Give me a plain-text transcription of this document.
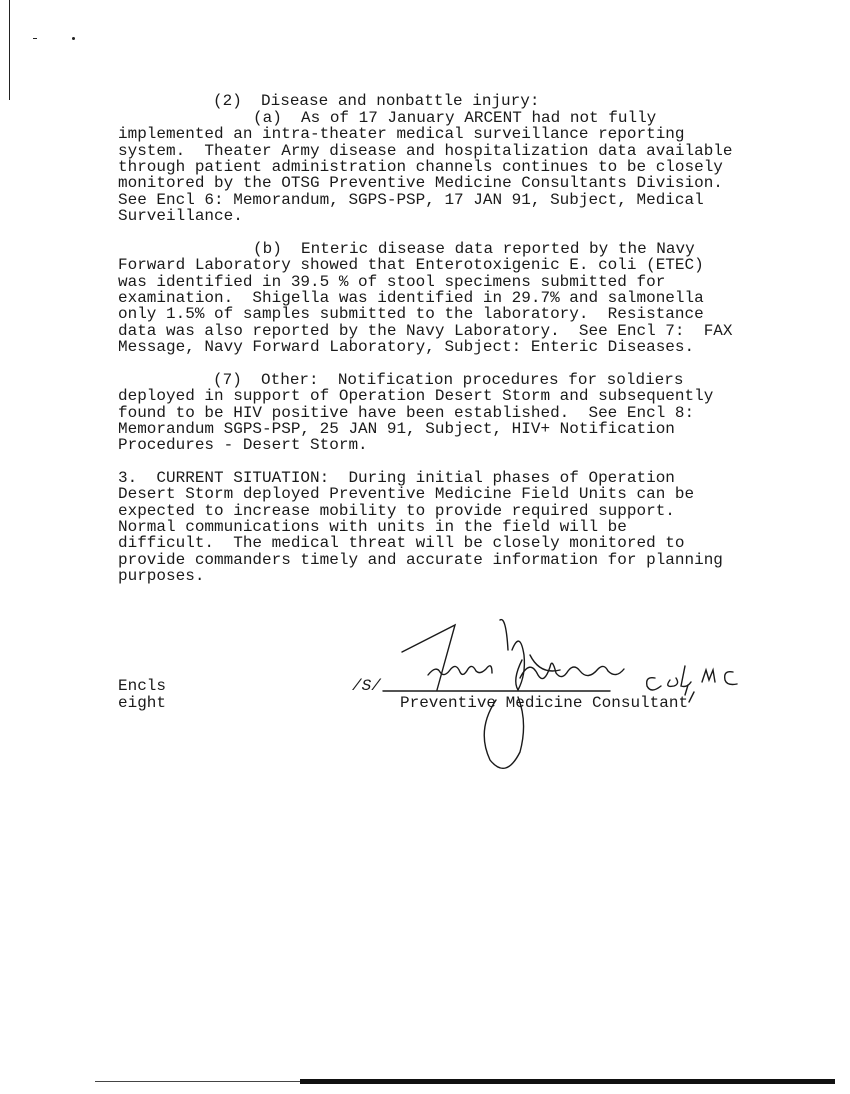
(2)  Disease and nonbattle injury:
(a)  As of 17 January ARCENT had not fully
implemented an intra-theater medical surveillance reporting
system.  Theater Army disease and hospitalization data available
through patient administration channels continues to be closely
monitored by the OTSG Preventive Medicine Consultants Division.
See Encl 6: Memorandum, SGPS-PSP, 17 JAN 91, Subject, Medical
Surveillance.
(b)  Enteric disease data reported by the Navy
Forward Laboratory showed that Enterotoxigenic E. coli (ETEC)
was identified in 39.5 % of stool specimens submitted for
examination.  Shigella was identified in 29.7% and salmonella
only 1.5% of samples submitted to the laboratory.  Resistance
data was also reported by the Navy Laboratory.  See Encl 7:  FAX
Message, Navy Forward Laboratory, Subject: Enteric Diseases.
(7)  Other:  Notification procedures for soldiers
deployed in support of Operation Desert Storm and subsequently
found to be HIV positive have been established.  See Encl 8:
Memorandum SGPS-PSP, 25 JAN 91, Subject, HIV+ Notification
Procedures - Desert Storm.
3.  CURRENT SITUATION:  During initial phases of Operation
Desert Storm deployed Preventive Medicine Field Units can be
expected to increase mobility to provide required support.
Normal communications with units in the field will be
difficult.  The medical threat will be closely monitored to
provide commanders timely and accurate information for planning
purposes.
Encls
eight
/S/
Preventive Medicine Consultant
